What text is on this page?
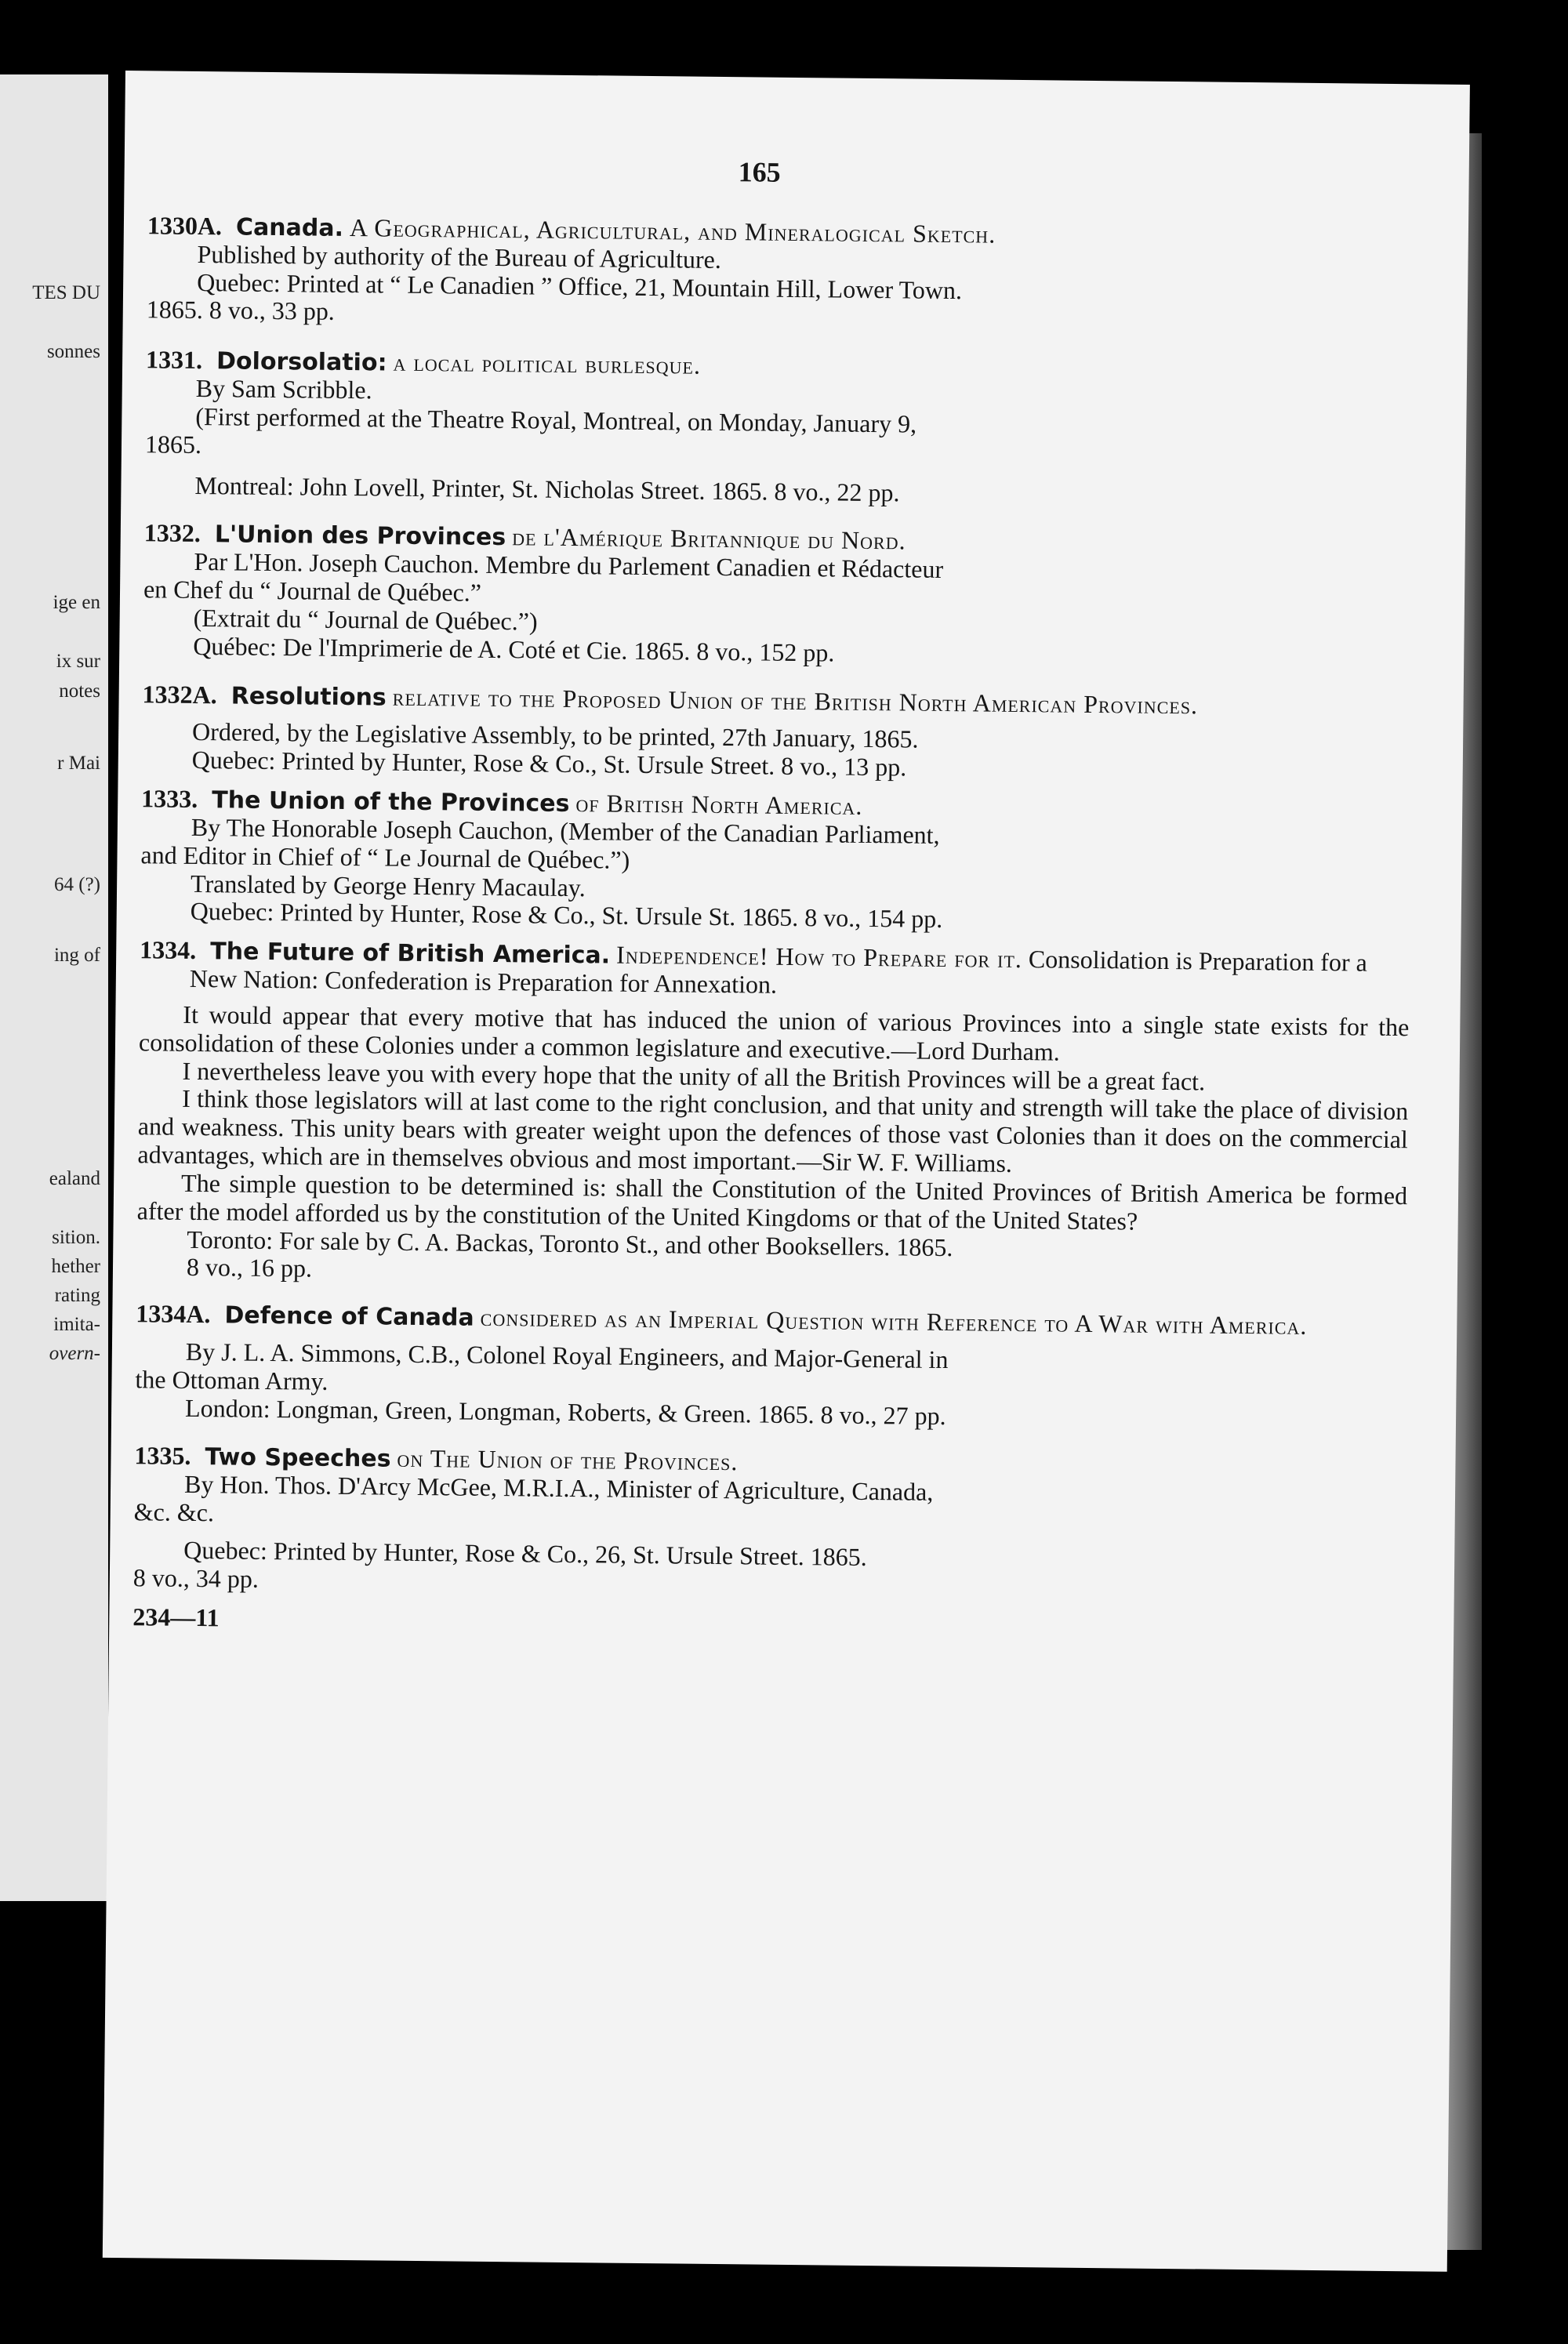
TES DU
sonnes
ige en
ix sur
notes
r Mai
64 (?)
ing of
ealand
sition.
hether
rating
imita-
overn-
165
1330A. Canada. A Geographical, Agricultural, and Mineralogical Sketch.
Published by authority of the Bureau of Agriculture.
Quebec: Printed at “ Le Canadien ” Office, 21, Mountain Hill, Lower Town.
1865. 8 vo., 33 pp.
1331. Dolorsolatio: a local political burlesque.
By Sam Scribble.
(First performed at the Theatre Royal, Montreal, on Monday, January 9,
1865.
Montreal: John Lovell, Printer, St. Nicholas Street. 1865. 8 vo., 22 pp.
1332. L'Union des Provinces de l'Amérique Britannique du Nord.
Par L'Hon. Joseph Cauchon. Membre du Parlement Canadien et Rédacteur
en Chef du “ Journal de Québec.”
(Extrait du “ Journal de Québec.”)
Québec: De l'Imprimerie de A. Coté et Cie. 1865. 8 vo., 152 pp.
1332A. Resolutions relative to the Proposed Union of the British North American Provinces.
Ordered, by the Legislative Assembly, to be printed, 27th January, 1865.
Quebec: Printed by Hunter, Rose & Co., St. Ursule Street. 8 vo., 13 pp.
1333. The Union of the Provinces of British North America.
By The Honorable Joseph Cauchon, (Member of the Canadian Parliament,
and Editor in Chief of “ Le Journal de Québec.”)
Translated by George Henry Macaulay.
Quebec: Printed by Hunter, Rose & Co., St. Ursule St. 1865. 8 vo., 154 pp.
1334. The Future of British America. Independence! How to Prepare for it. Consolidation is Preparation for a New Nation: Confederation is Preparation for Annexation.
It would appear that every motive that has induced the union of various Provinces into a single state exists for the consolidation of these Colonies under a common legislature and executive.—Lord Durham.
I nevertheless leave you with every hope that the unity of all the British Provinces will be a great fact.
I think those legislators will at last come to the right conclusion, and that unity and strength will take the place of division and weakness. This unity bears with greater weight upon the defences of those vast Colonies than it does on the commercial advantages, which are in themselves obvious and most important.—Sir W. F. Williams.
The simple question to be determined is: shall the Constitution of the United Provinces of British America be formed after the model afforded us by the constitution of the United Kingdoms or that of the United States?
Toronto: For sale by C. A. Backas, Toronto St., and other Booksellers. 1865.
8 vo., 16 pp.
1334A. Defence of Canada considered as an Imperial Question with Reference to A War with America.
By J. L. A. Simmons, C.B., Colonel Royal Engineers, and Major-General in
the Ottoman Army.
London: Longman, Green, Longman, Roberts, & Green. 1865. 8 vo., 27 pp.
1335. Two Speeches on The Union of the Provinces.
By Hon. Thos. D'Arcy McGee, M.R.I.A., Minister of Agriculture, Canada,
&c. &c.
Quebec: Printed by Hunter, Rose & Co., 26, St. Ursule Street. 1865.
8 vo., 34 pp.
234—11
